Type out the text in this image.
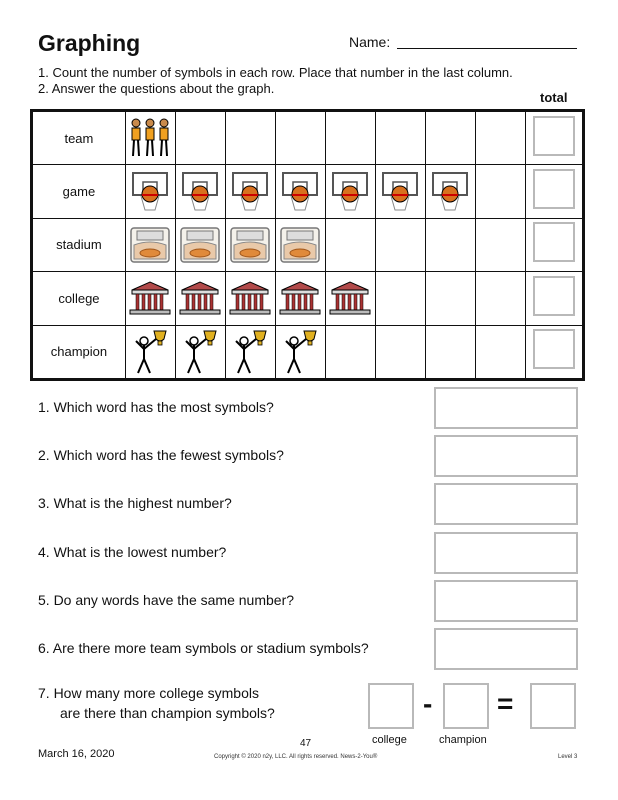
Graphing	Name:
1. Count the number of symbols in each row. Place that number in the last column.
2. Answer the questions about the graph.
total
team	

game	

stadium	

college	

champion	

1. Which word has the most symbols?
2. Which word has the fewest symbols?
3. What is the highest number?
4. What is the lowest number?
5. Do any words have the same number?
6. Are there more team symbols or stadium symbols?
7. How many more college symbols
are there than champion symbols?	- =
college	champion
March 16, 2020
47
Copyright © 2020 n2y, LLC. All rights reserved. News-2-You®	Level 3
